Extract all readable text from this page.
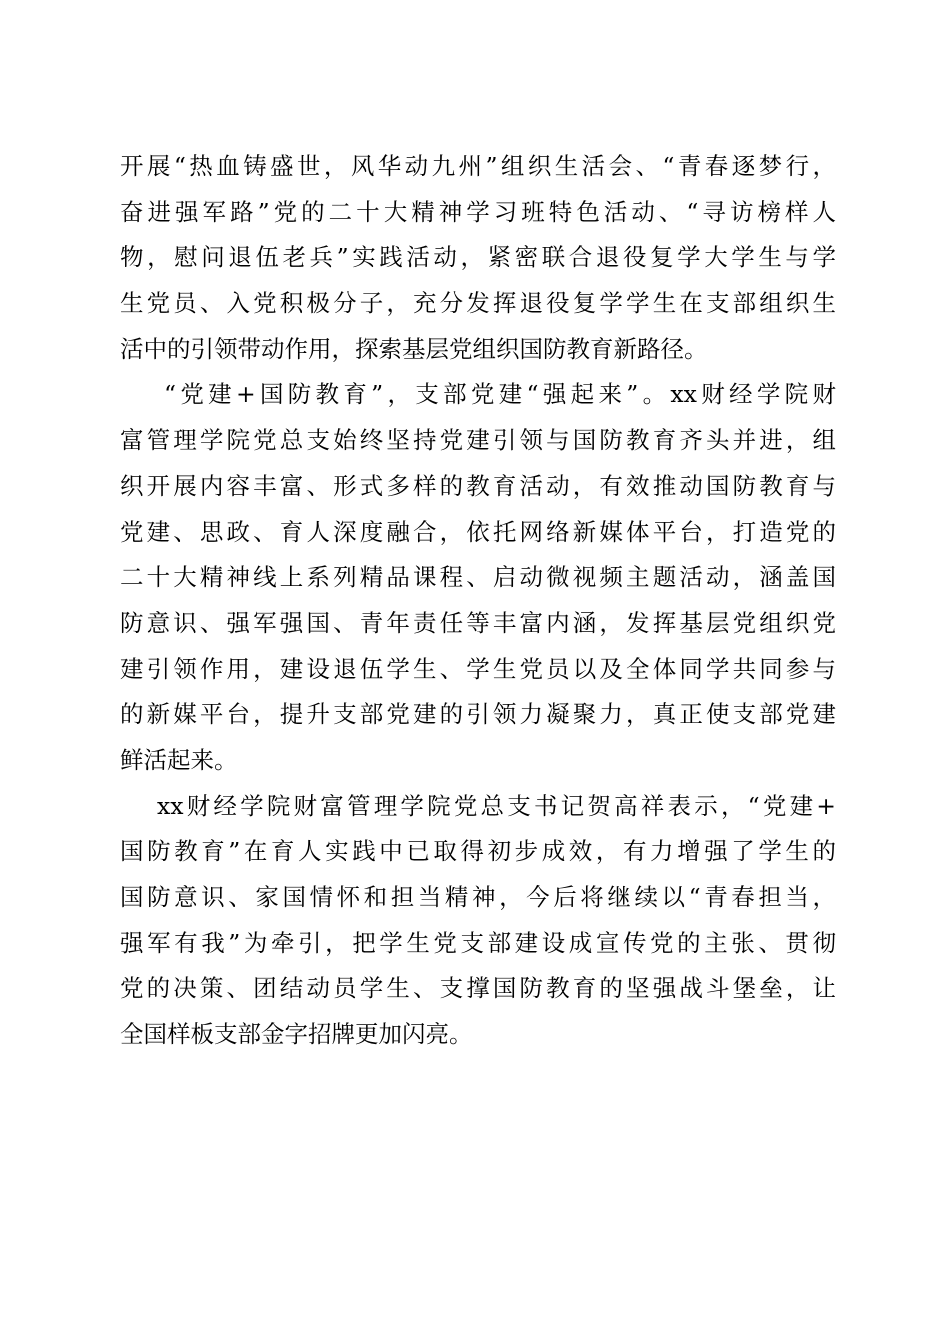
开展“热血铸盛世，风华动九州”组织生活会、“青春逐梦行，
奋进强军路”党的二十大精神学习班特色活动、“寻访榜样人
物，慰问退伍老兵”实践活动，紧密联合退役复学大学生与学
生党员、入党积极分子，充分发挥退役复学学生在支部组织生
活中的引领带动作用，探索基层党组织国防教育新路径。
“党建+国防教育”，支部党建“强起来”。xx财经学院财
富管理学院党总支始终坚持党建引领与国防教育齐头并进，组
织开展内容丰富、形式多样的教育活动，有效推动国防教育与
党建、思政、育人深度融合，依托网络新媒体平台，打造党的
二十大精神线上系列精品课程、启动微视频主题活动，涵盖国
防意识、强军强国、青年责任等丰富内涵，发挥基层党组织党
建引领作用，建设退伍学生、学生党员以及全体同学共同参与
的新媒平台，提升支部党建的引领力凝聚力，真正使支部党建
鲜活起来。
xx财经学院财富管理学院党总支书记贺高祥表示，“党建+
国防教育”在育人实践中已取得初步成效，有力增强了学生的
国防意识、家国情怀和担当精神，今后将继续以“青春担当，
强军有我”为牵引，把学生党支部建设成宣传党的主张、贯彻
党的决策、团结动员学生、支撑国防教育的坚强战斗堡垒，让
全国样板支部金字招牌更加闪亮。
